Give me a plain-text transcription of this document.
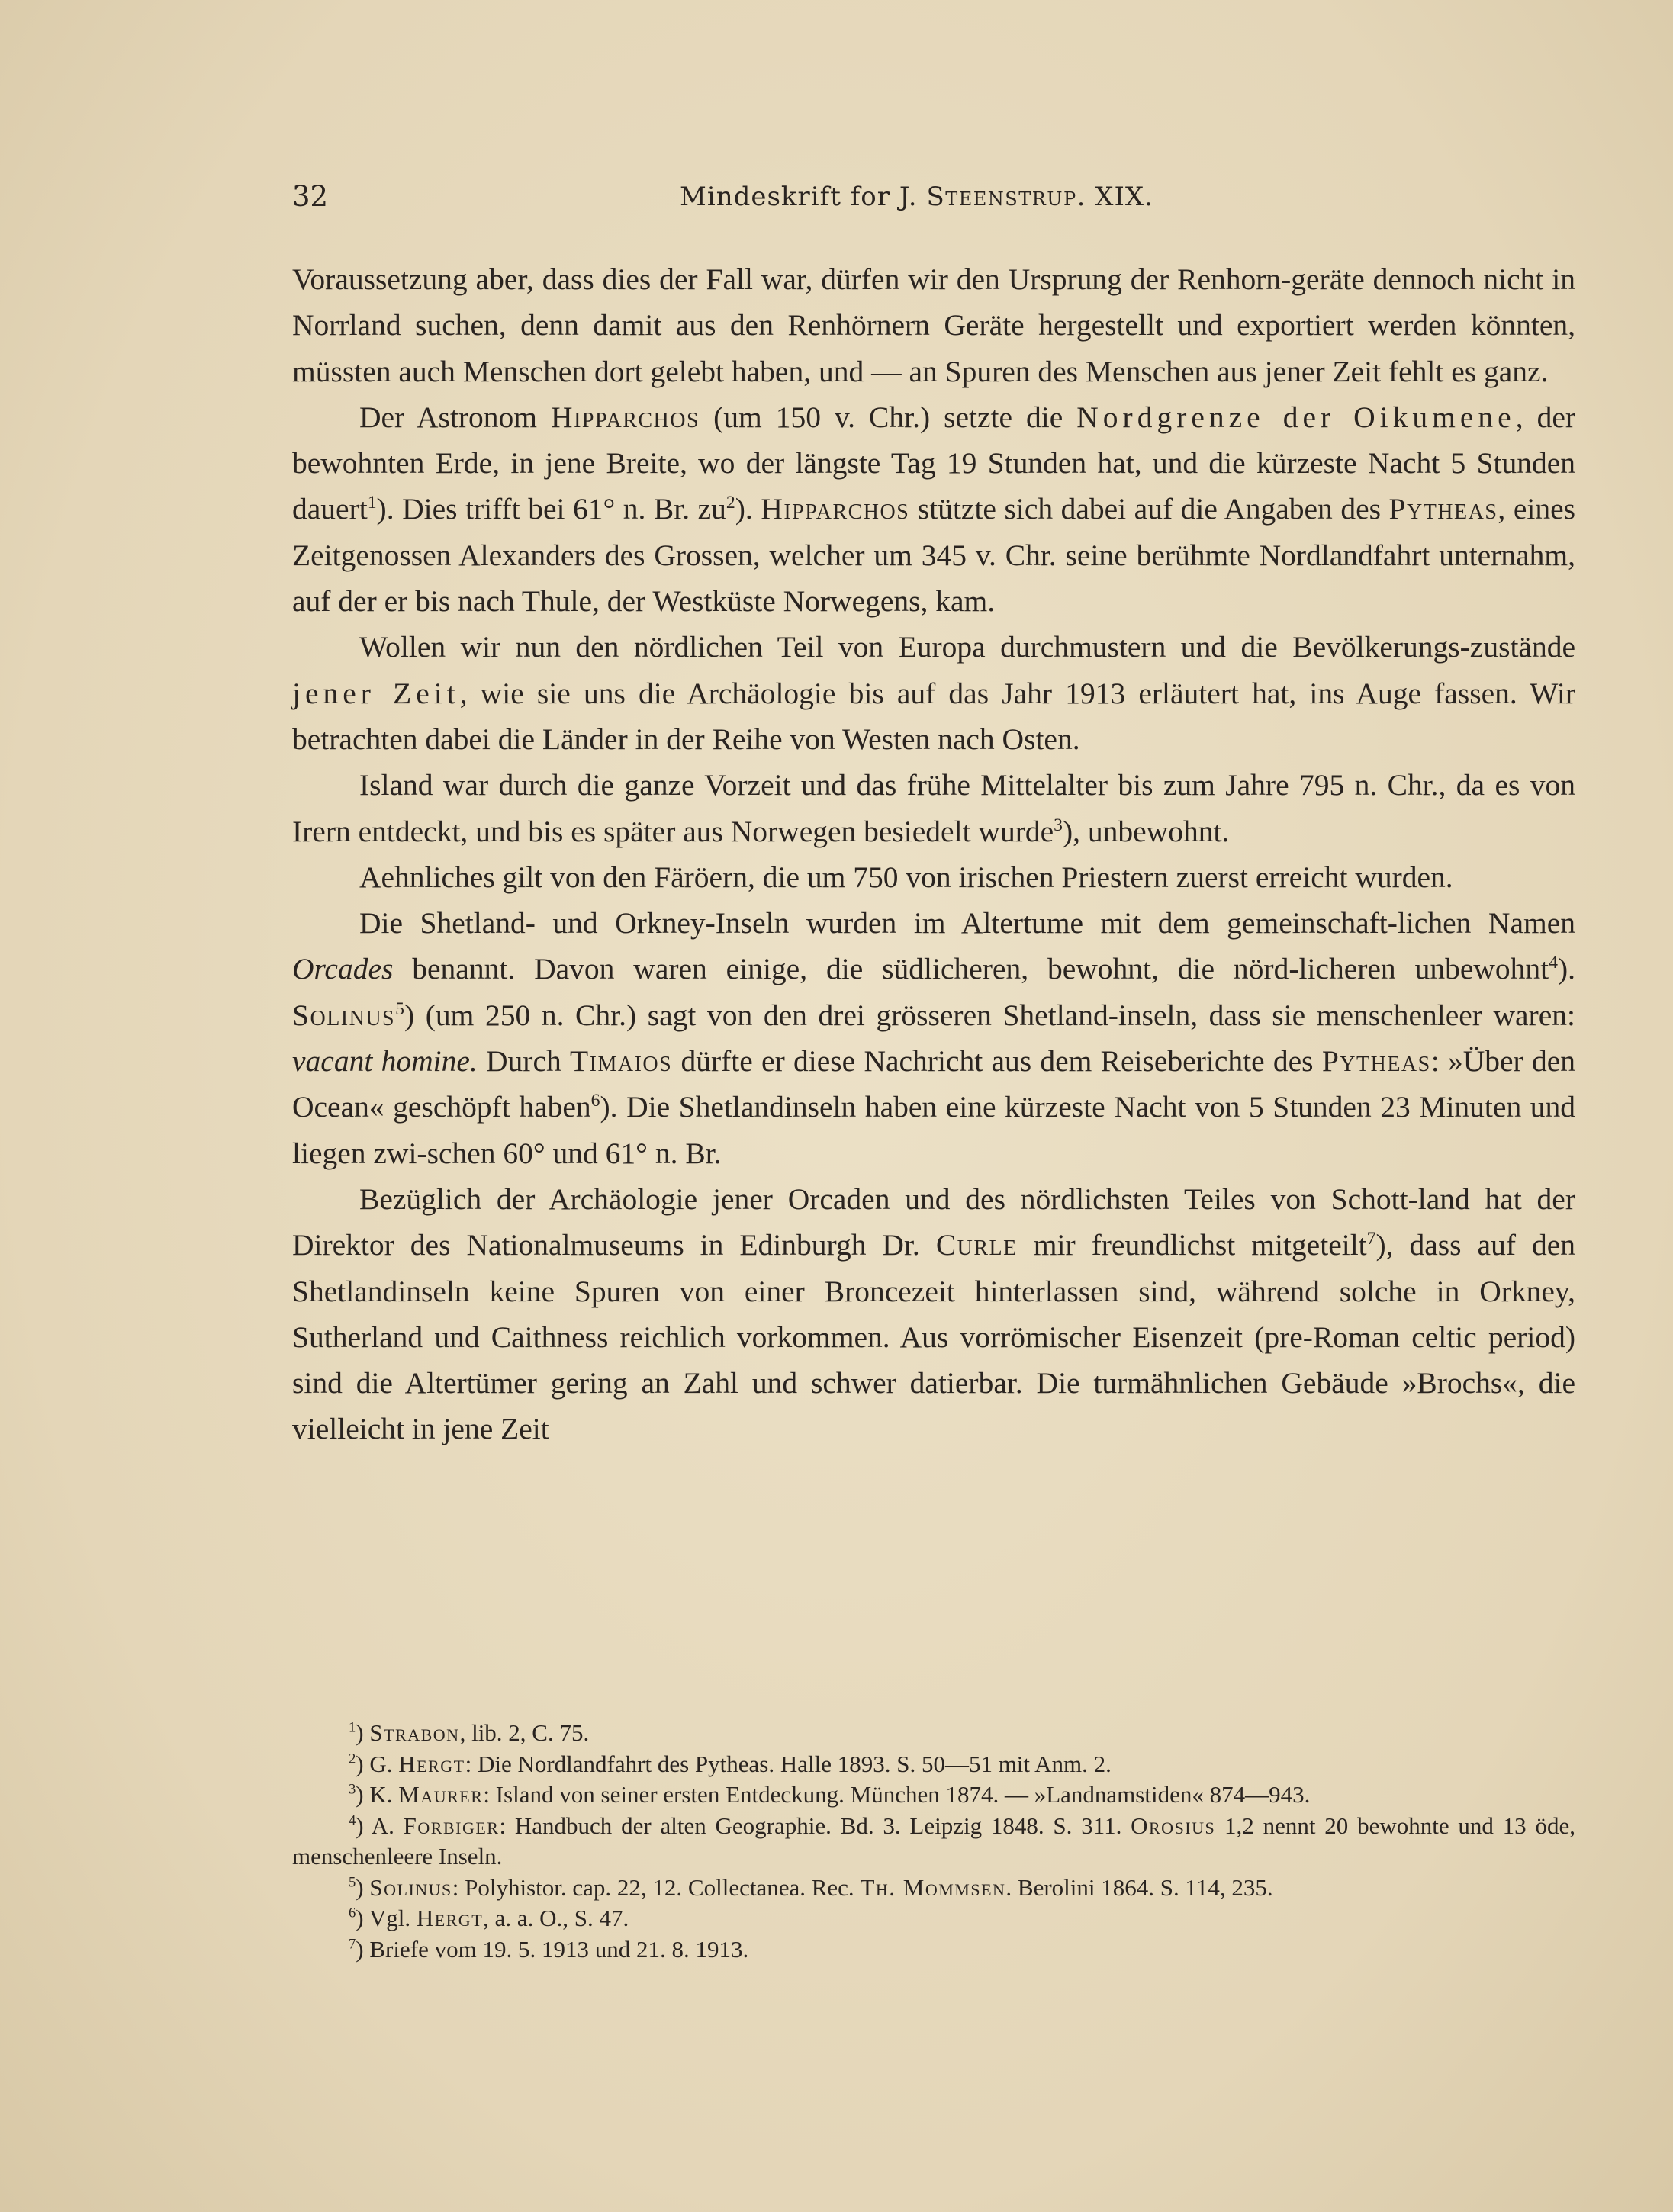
32	Mindeskrift for J. Steenstrup. XIX.

Voraussetzung aber, dass dies der Fall war, dürfen wir den Ursprung der Renhorn-geräte dennoch nicht in Norrland suchen, denn damit aus den Renhörnern Geräte hergestellt und exportiert werden könnten, müssten auch Menschen dort gelebt haben, und — an Spuren des Menschen aus jener Zeit fehlt es ganz.

Der Astronom Hipparchos (um 150 v. Chr.) setzte die Nordgrenze der Oikumene, der bewohnten Erde, in jene Breite, wo der längste Tag 19 Stunden hat, und die kürzeste Nacht 5 Stunden dauert$^1$). Dies trifft bei 61° n. Br. $zu^2$). Hipparchos stützte sich dabei auf die Angaben des Pytheas, eines Zeitgenossen Alexanders des Grossen, welcher um 345 v. Chr. seine berühmte Nordlandfahrt unternahm, auf der er bis nach Thule, der Westküste Norwegens, kam.

Wollen wir nun den nördlichen Teil von Europa durchmustern und die Bevölkerungs-zustände jener Zeit, wie sie uns die Archäologie bis auf das Jahr 1913 erläutert hat, ins Auge fassen. Wir betrachten dabei die Länder in der Reihe von Westen nach Osten.

Island war durch die ganze Vorzeit und das frühe Mittelalter bis zum Jahre 795 n. Chr., da es von Irern entdeckt, und bis es später aus Norwegen besiedelt wurde$^3$), unbewohnt.

Aehnliches gilt von den Färöern, die um 750 von irischen Priestern zuerst erreicht wurden.

Die Shetland- und Orkney-Inseln wurden im Altertume mit dem gemeinschaft-lichen Namen Orcades benannt. Davon waren einige, die südlicheren, bewohnt, die nörd-licheren unbewohnt$^4$). Solinus$^5$) (um 250 n. Chr.) sagt von den drei grösseren Shetland-inseln, dass sie menschenleer waren: vacant homine. Durch Timaios dürfte er diese Nachricht aus dem Reiseberichte des Pytheas: »Über den Ocean« geschöpft haben$^6$). Die Shetlandinseln haben eine kürzeste Nacht von 5 Stunden 23 Minuten und liegen zwi-schen 60° und 61° n. Br.

Bezüglich der Archäologie jener Orcaden und des nördlichsten Teiles von Schott-land hat der Direktor des Nationalmuseums in Edinburgh Dr. Curle mir freundlichst mitgeteilt$^7$), dass auf den Shetlandinseln keine Spuren von einer Broncezeit hinterlassen sind, während solche in Orkney, Sutherland und Caithness reichlich vorkommen. Aus vorrömischer Eisenzeit (pre-Roman celtic period) sind die Altertümer gering an Zahl und schwer datierbar. Die turmähnlichen Gebäude »Brochs«, die vielleicht in jene Zeit

$^1$) Strabon, lib. 2, C. 75.

$^2$) G. Hergt: Die Nordlandfahrt des Pytheas. Halle 1893. S. 50—51 mit Anm. 2.

$^3$) K. Maurer: Island von seiner ersten Entdeckung. München 1874. — »Landnamstiden« 874—943.

$^4$) A. Forbiger: Handbuch der alten Geographie. Bd. 3. Leipzig 1848. S. 311. Orosius 1,2 nennt 20 bewohnte und 13 öde, menschenleere Inseln.

$^5$) Solinus: Polyhistor. cap. 22, 12. Collectanea. Rec. Th. Mommsen. Berolini 1864. S. 114, 235.

$^6$) Vgl. Hergt, a. a. O., S. 47.

$^7$) Briefe vom 19. 5. 1913 und 21. 8. 1913.
